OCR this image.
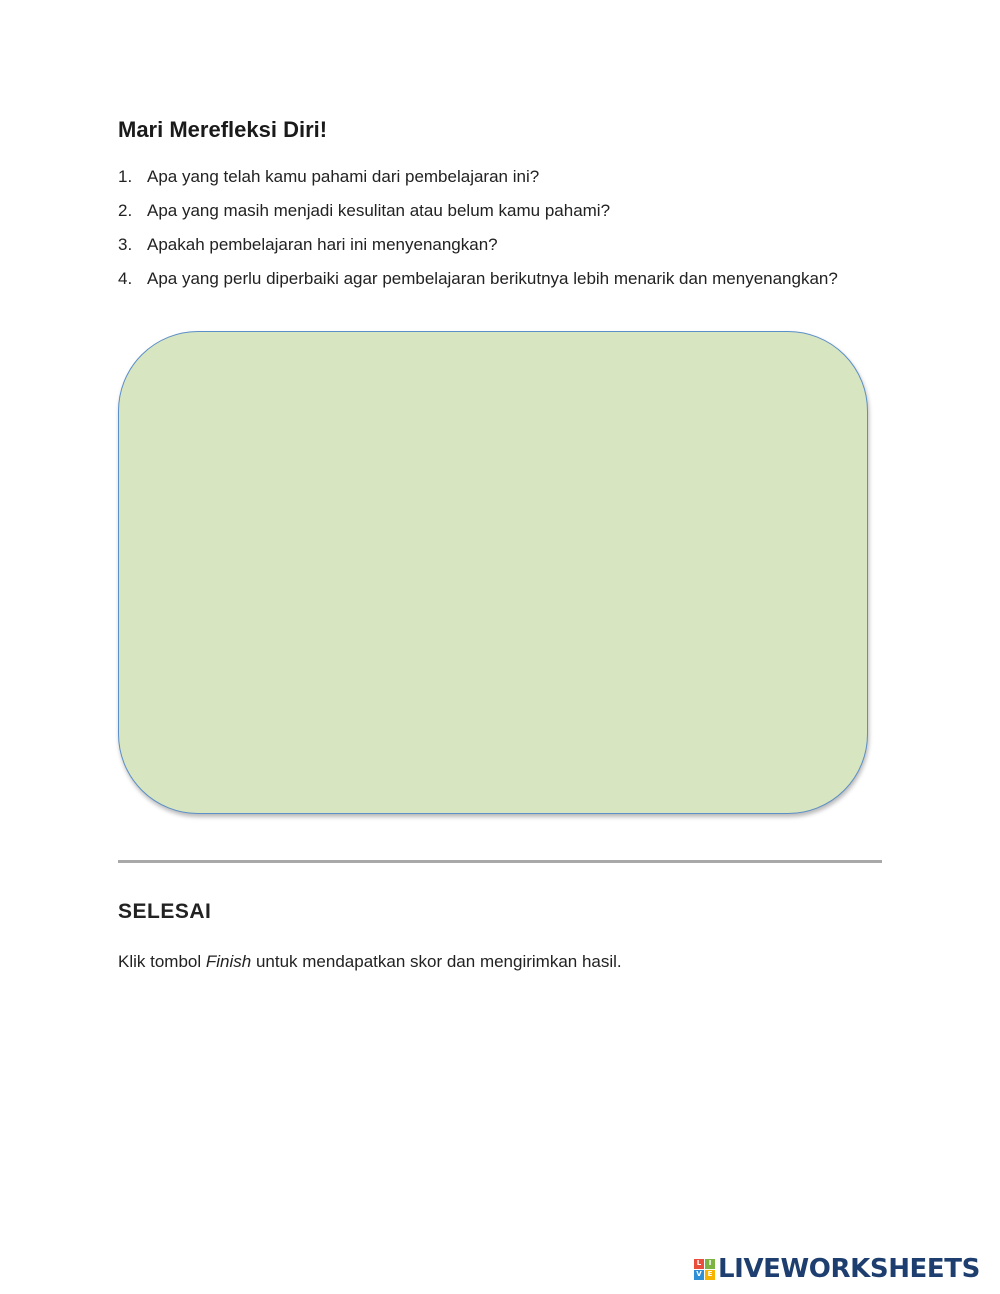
Mari Merefleksi Diri!
1. Apa yang telah kamu pahami dari pembelajaran ini?
2. Apa yang masih menjadi kesulitan atau belum kamu pahami?
3. Apakah pembelajaran hari ini menyenangkan?
4. Apa yang perlu diperbaiki agar pembelajaran berikutnya lebih menarik dan menyenangkan?
SELESAI

Klik tombol Finish untuk mendapatkan skor dan mengirimkan hasil.

L	I
V E LIVEWORKSHEETS
